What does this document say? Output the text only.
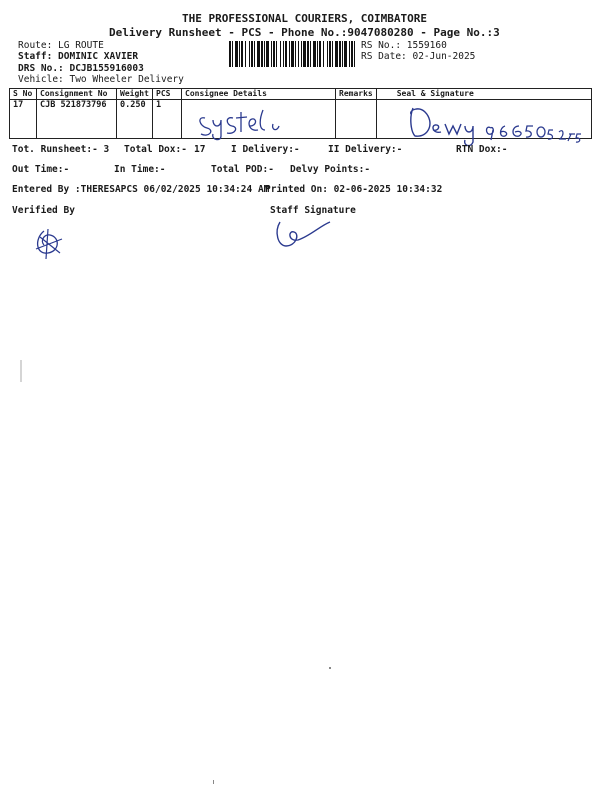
THE PROFESSIONAL COURIERS, COIMBATORE
Delivery Runsheet - PCS - Phone No.:9047080280 - Page No.:3
Route: LG ROUTE
Staff: DOMINIC XAVIER
DRS No.: DCJB155916003
Vehicle: Two Wheeler Delivery
RS No.: 1559160
RS Date: 02-Jun-2025
S No	Consignment No	Weight	PCS	Consignee Details	Remarks	Seal & Signature
17	CJB 521873796	0.250	1			
Tot. Runsheet:- 3 Total Dox:- 17	I Delivery:-	II Delivery:-	RTN Dox:-
Out Time:-	In Time:-	Total POD:- Delvy Points:-
Entered By :THERESAPCS 06/02/2025 10:34:24 AM
Printed On: 02-06-2025 10:34:32
Verified By	Staff Signature
